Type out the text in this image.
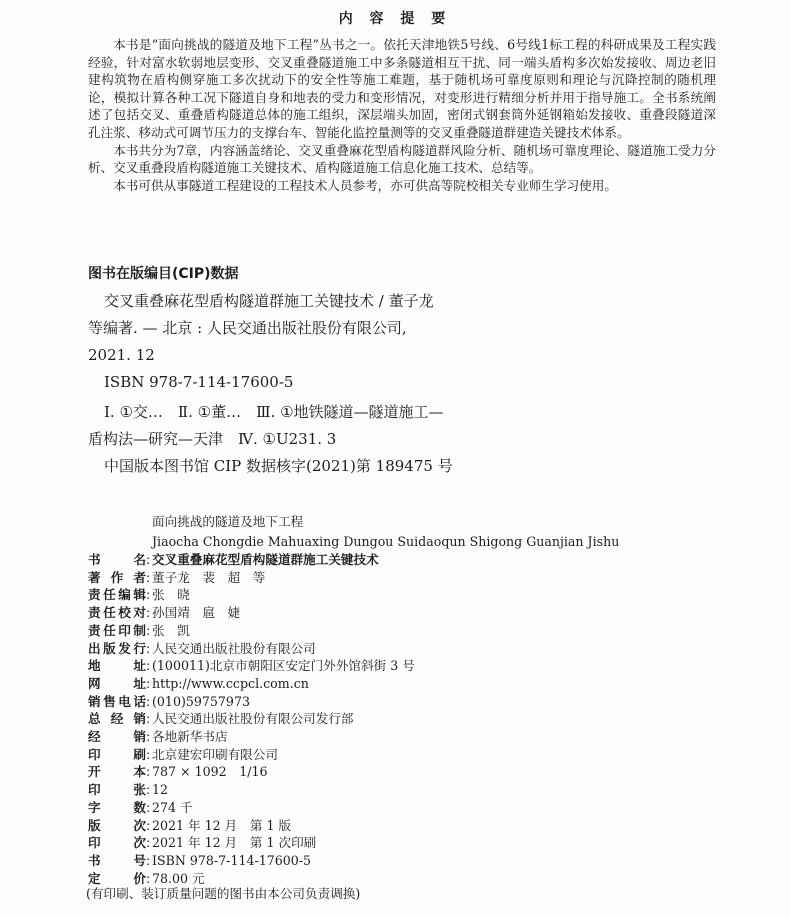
内 容 提 要

本书是“面向挑战的隧道及地下工程”丛书之一。依托天津地铁5号线、6号线1标工程的科研成果及工程实践经验，针对富水软弱地层变形、交叉重叠隧道施工中多条隧道相互干扰、同一端头盾构多次始发接收、周边老旧建构筑物在盾构侧穿施工多次扰动下的安全性等施工难题，基于随机场可靠度原则和理论与沉降控制的随机理论，模拟计算各种工况下隧道自身和地表的受力和变形情况，对变形进行精细分析并用于指导施工。全书系统阐述了包括交叉、重叠盾构隧道总体的施工组织，深层端头加固，密闭式钢套筒外延钢箱始发接收、重叠段隧道深孔注浆、移动式可调节压力的支撑台车、智能化监控量测等的交叉重叠隧道群建造关键技术体系。

本书共分为7章，内容涵盖绪论、交叉重叠麻花型盾构隧道群风险分析、随机场可靠度理论、隧道施工受力分析、交叉重叠段盾构隧道施工关键技术、盾构隧道施工信息化施工技术、总结等。

本书可供从事隧道工程建设的工程技术人员参考，亦可供高等院校相关专业师生学习使用。

图书在版编目(CIP)数据
交叉重叠麻花型盾构隧道群施工关键技术 / 董子龙
等编著. — 北京 : 人民交通出版社股份有限公司,
2021. 12
ISBN 978-7-114-17600-5
Ⅰ. ①交…　Ⅱ. ①董…　Ⅲ. ①地铁隧道—隧道施工—
盾构法—研究—天津　Ⅳ. ①U231. 3
中国版本图书馆 CIP 数据核字(2021)第 189475 号
面向挑战的隧道及地下工程
Jiaocha Chongdie Mahuaxing Dungou Suidaoqun Shigong Guanjian Jishu
书名 : 交叉重叠麻花型盾构隧道群施工关键技术
著作者 : 董子龙　裴　超　等
责任编辑 : 张　晓
责任校对 : 孙国靖　扈　婕
责任印制 : 张　凯
出版发行 : 人民交通出版社股份有限公司
地址 : (100011)北京市朝阳区安定门外外馆斜街 3 号
网址 : http://www.ccpcl.com.cn
销售电话 : (010)59757973
总经销 : 人民交通出版社股份有限公司发行部
经销 : 各地新华书店
印刷 : 北京建宏印刷有限公司
开本 : 787 × 1092　1/16
印张 : 12
字数 : 274 千
版次 : 2021 年 12 月　第 1 版
印次 : 2021 年 12 月　第 1 次印刷
书号 : ISBN 978-7-114-17600-5
定价 : 78.00 元
(有印刷、装订质量问题的图书由本公司负责调换)
